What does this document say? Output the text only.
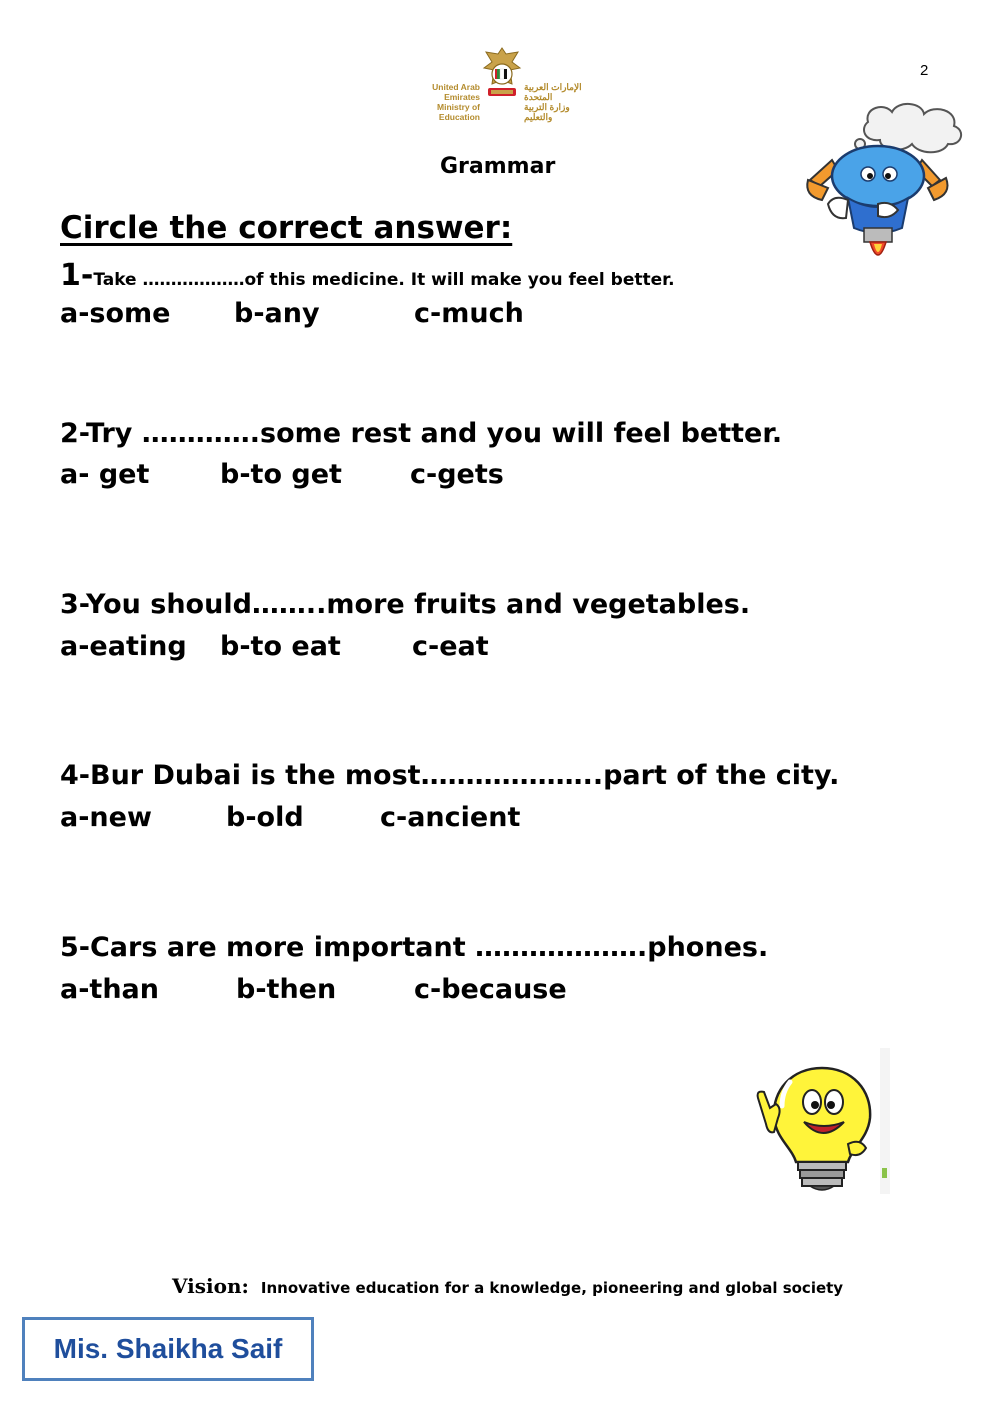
2
United Arab Emirates
Ministry of Education
الإمارات العربية المتحدة
وزارة التربية والتعليم
Grammar
Circle the correct answer:
1-Take ………………of this medicine. It will make you feel better.
a-some b-any	c-much
2-Try ………….some rest and you will feel better.
a- get	b-to get	c-gets
3-You should……..more fruits and vegetables.
a-eating b-to eat	c-eat
4-Bur Dubai is the most………………..part of the city.
a-new	b-old	c-ancient
5-Cars are more important ……………….phones.
a-than	b-then	c-because
Vision: Innovative education for a knowledge, pioneering and global society
Mis. Shaikha Saif
